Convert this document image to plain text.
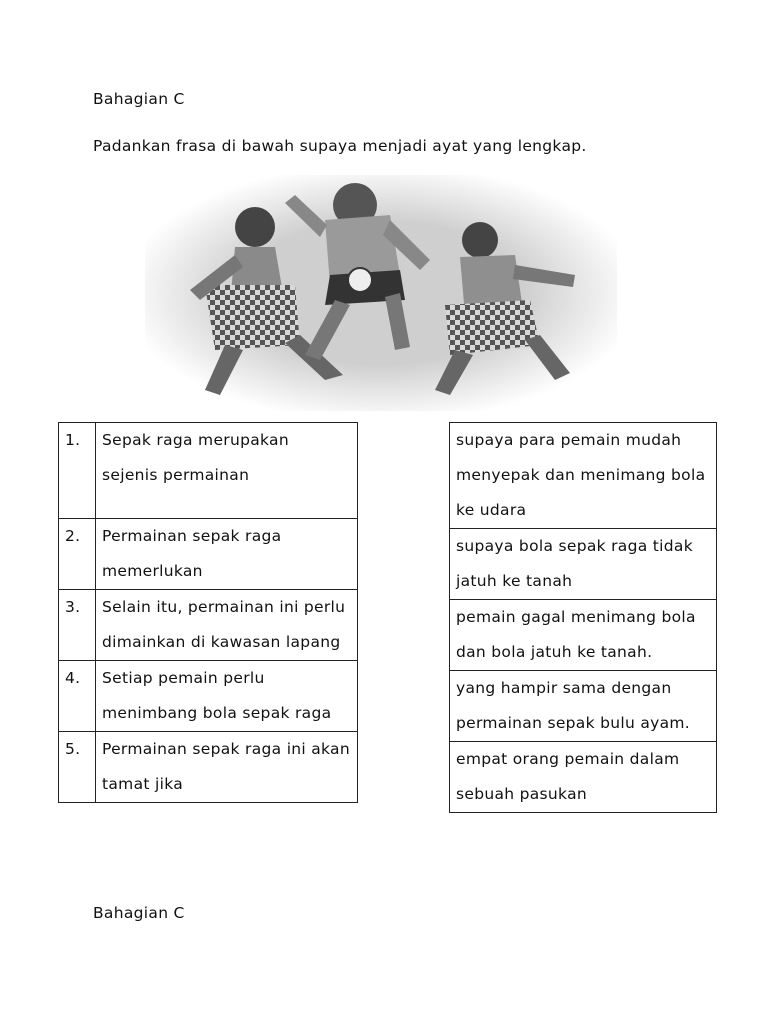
Bahagian C
Padankan frasa di bawah supaya menjadi ayat yang lengkap.
1.	Sepak raga merupakan
sejenis permainan

2.	Permainan sepak raga
memerlukan

3.	Selain itu, permainan ini perlu
dimainkan di kawasan lapang

4.	Setiap pemain perlu
menimbang bola sepak raga

5.	Permainan sepak raga ini akan
tamat jika
supaya para pemain mudah
menyepak dan menimang bola
ke udara

supaya bola sepak raga tidak
jatuh ke tanah

pemain gagal menimang bola
dan bola jatuh ke tanah.

yang hampir sama dengan
permainan sepak bulu ayam.

empat orang pemain dalam
sebuah pasukan
Bahagian C
